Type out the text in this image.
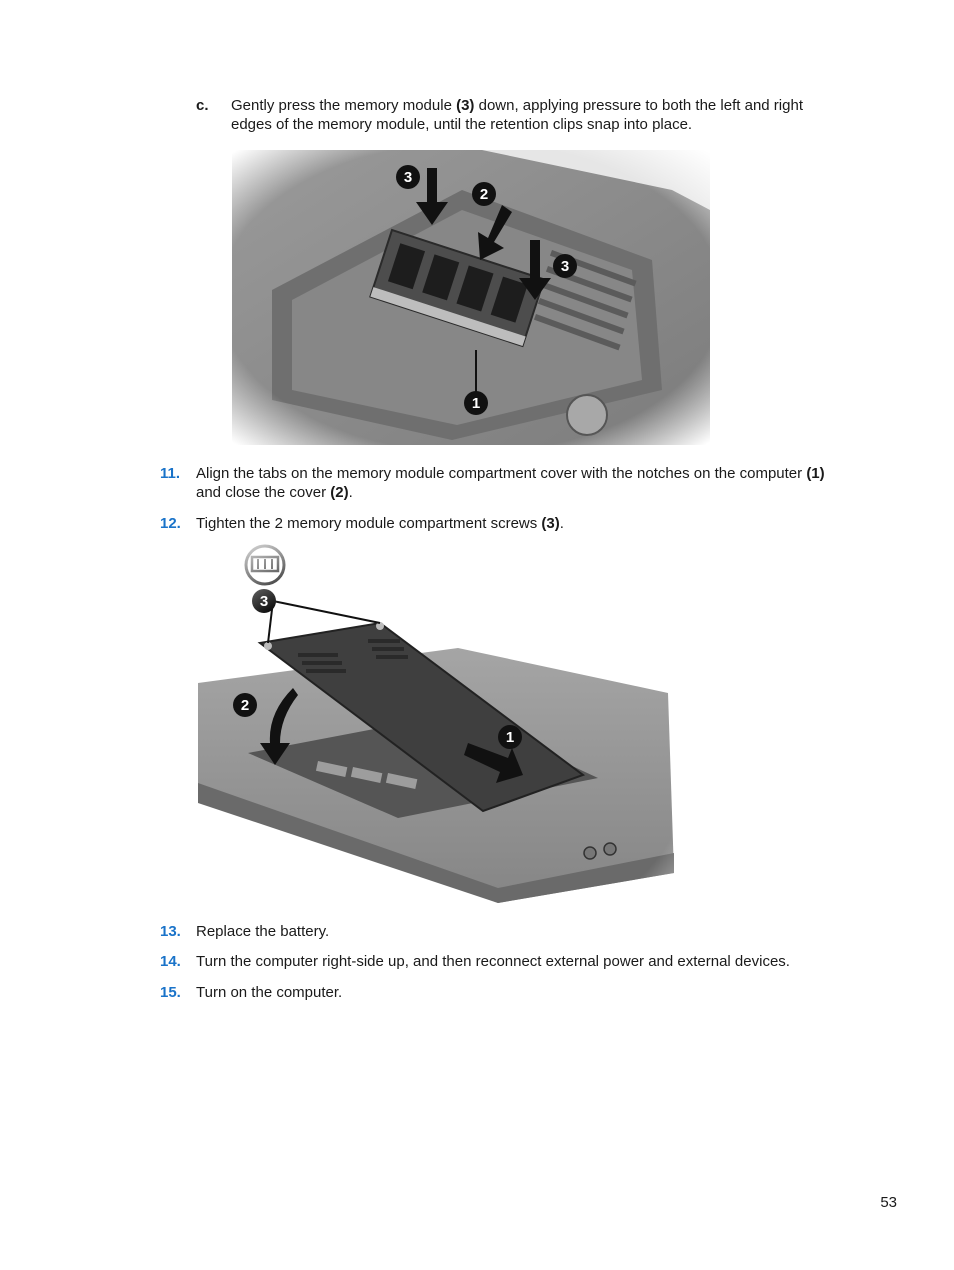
c. Gently press the memory module (3) down, applying pressure to both the left and right
edges of the memory module, until the retention clips snap into place.
11. Align the tabs on the memory module compartment cover with the notches on the computer (1)
and close the cover (2).
12. Tighten the 2 memory module compartment screws (3).
13. Replace the battery.
14. Turn the computer right-side up, and then reconnect external power and external devices.
15. Turn on the computer.
53
